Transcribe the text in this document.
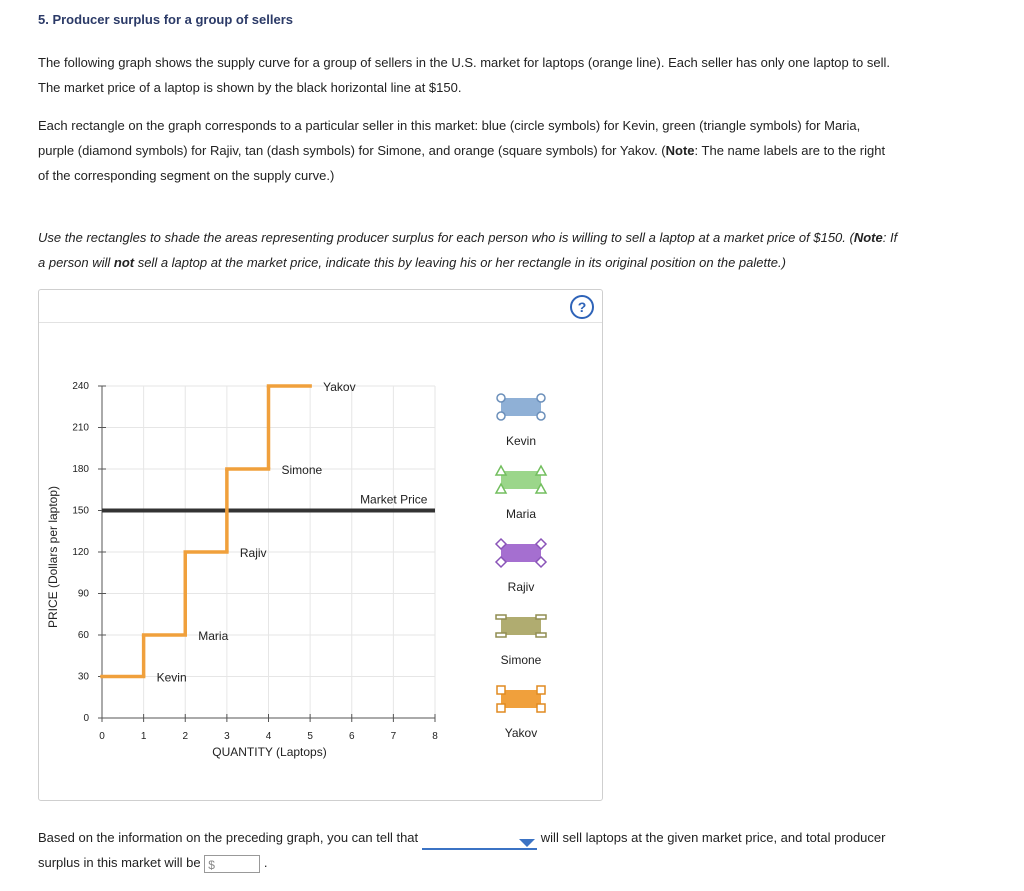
5. Producer surplus for a group of sellers
The following graph shows the supply curve for a group of sellers in the U.S. market for laptops (orange line). Each seller has only one laptop to sell.
The market price of a laptop is shown by the black horizontal line at $150.
Each rectangle on the graph corresponds to a particular seller in this market: blue (circle symbols) for Kevin, green (triangle symbols) for Maria,
purple (diamond symbols) for Rajiv, tan (dash symbols) for Simone, and orange (square symbols) for Yakov. (Note: The name labels are to the right
of the corresponding segment on the supply curve.)
Use the rectangles to shade the areas representing producer surplus for each person who is willing to sell a laptop at a market price of $150. (Note: If
a person will not sell a laptop at the market price, indicate this by leaving his or her rectangle in its original position on the palette.)
?
0	1	2	3	4	5	6	7	8
0
30
60
90
120
150
180
210
240
QUANTITY (Laptops)
PRICE (Dollars per laptop)	Market Price
Kevin
Maria
Rajiv
Simone
Yakov
Kevin
Maria
Rajiv
Simone
Yakov
Based on the information on the preceding graph, you can tell that	will sell laptops at the given market price, and total producer
surplus in this market will be $	.
